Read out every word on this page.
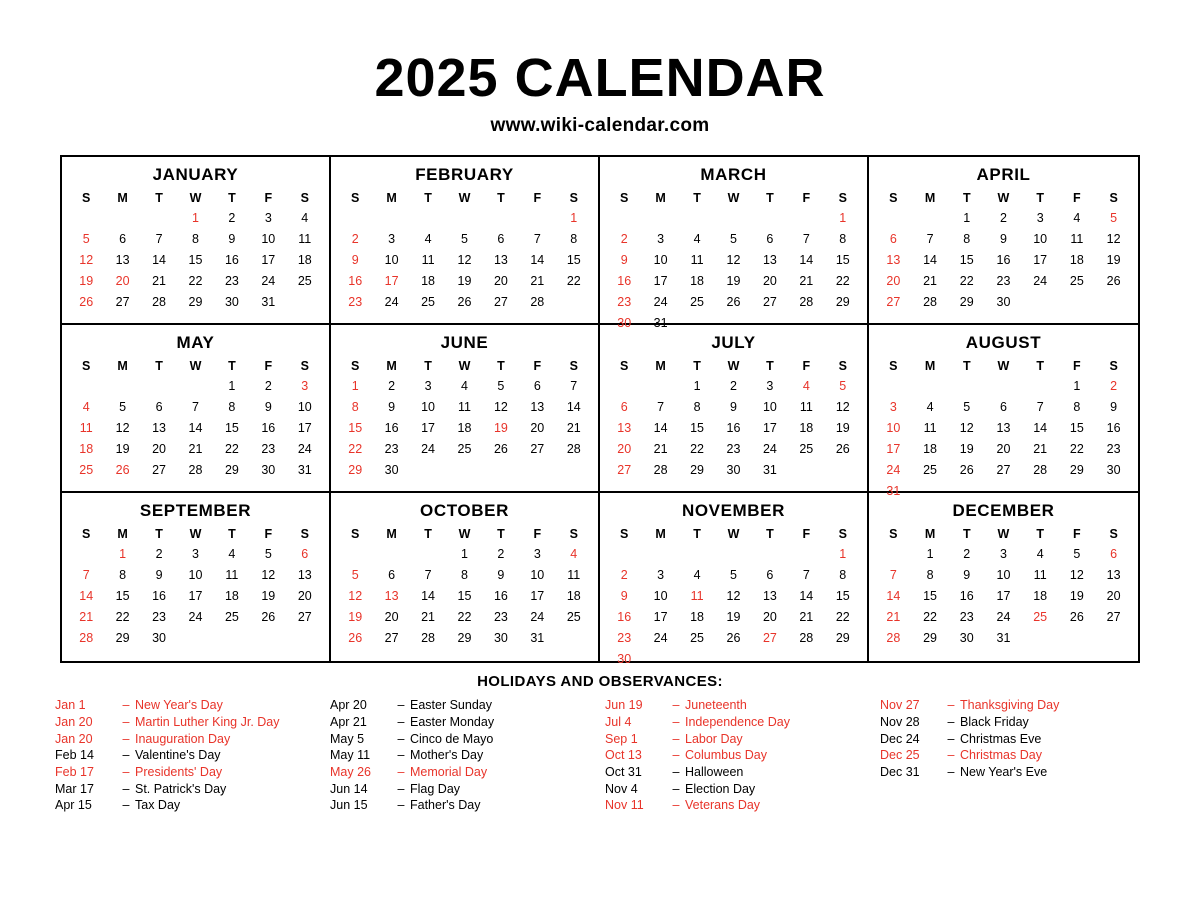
2025 CALENDAR
www.wiki-calendar.com
JANUARY
S	M	T	W	T	F	S
			1	2	3	4
5	6	7	8	9	10	11
12	13	14	15	16	17	18
19	20	21	22	23	24	25
26	27	28	29	30	31	
FEBRUARY
S	M	T	W	T	F	S
						1
2	3	4	5	6	7	8
9	10	11	12	13	14	15
16	17	18	19	20	21	22
23	24	25	26	27	28	
MARCH
S	M	T	W	T	F	S
						1
2	3	4	5	6	7	8
9	10	11	12	13	14	15
16	17	18	19	20	21	22
23	24	25	26	27	28	29
30	31					
APRIL
S	M	T	W	T	F	S
		1	2	3	4	5
6	7	8	9	10	11	12
13	14	15	16	17	18	19
20	21	22	23	24	25	26
27	28	29	30			
MAY
S	M	T	W	T	F	S
				1	2	3
4	5	6	7	8	9	10
11	12	13	14	15	16	17
18	19	20	21	22	23	24
25	26	27	28	29	30	31
JUNE
S	M	T	W	T	F	S
1	2	3	4	5	6	7
8	9	10	11	12	13	14
15	16	17	18	19	20	21
22	23	24	25	26	27	28
29	30					
JULY
S	M	T	W	T	F	S
		1	2	3	4	5
6	7	8	9	10	11	12
13	14	15	16	17	18	19
20	21	22	23	24	25	26
27	28	29	30	31		
AUGUST
S	M	T	W	T	F	S
					1	2
3	4	5	6	7	8	9
10	11	12	13	14	15	16
17	18	19	20	21	22	23
24	25	26	27	28	29	30
31						
SEPTEMBER
S	M	T	W	T	F	S
	1	2	3	4	5	6
7	8	9	10	11	12	13
14	15	16	17	18	19	20
21	22	23	24	25	26	27
28	29	30				
OCTOBER
S	M	T	W	T	F	S
			1	2	3	4
5	6	7	8	9	10	11
12	13	14	15	16	17	18
19	20	21	22	23	24	25
26	27	28	29	30	31	
NOVEMBER
S	M	T	W	T	F	S
						1
2	3	4	5	6	7	8
9	10	11	12	13	14	15
16	17	18	19	20	21	22
23	24	25	26	27	28	29
30						
DECEMBER
S	M	T	W	T	F	S
	1	2	3	4	5	6
7	8	9	10	11	12	13
14	15	16	17	18	19	20
21	22	23	24	25	26	27
28	29	30	31			
HOLIDAYS AND OBSERVANCES:
Jan 1	– New Year's Day
Jan 20	– Martin Luther King Jr. Day
Jan 20	– Inauguration Day
Feb 14	– Valentine's Day
Feb 17	– Presidents' Day
Mar 17	– St. Patrick's Day
Apr 15	– Tax Day
Apr 20	– Easter Sunday
Apr 21	– Easter Monday
May 5	– Cinco de Mayo
May 11	– Mother's Day
May 26	– Memorial Day
Jun 14	– Flag Day
Jun 15	– Father's Day
Jun 19	– Juneteenth
Jul 4	– Independence Day
Sep 1	– Labor Day
Oct 13	– Columbus Day
Oct 31	– Halloween
Nov 4	– Election Day
Nov 11	– Veterans Day
Nov 27	– Thanksgiving Day
Nov 28	– Black Friday
Dec 24	– Christmas Eve
Dec 25	– Christmas Day
Dec 31	– New Year's Eve
